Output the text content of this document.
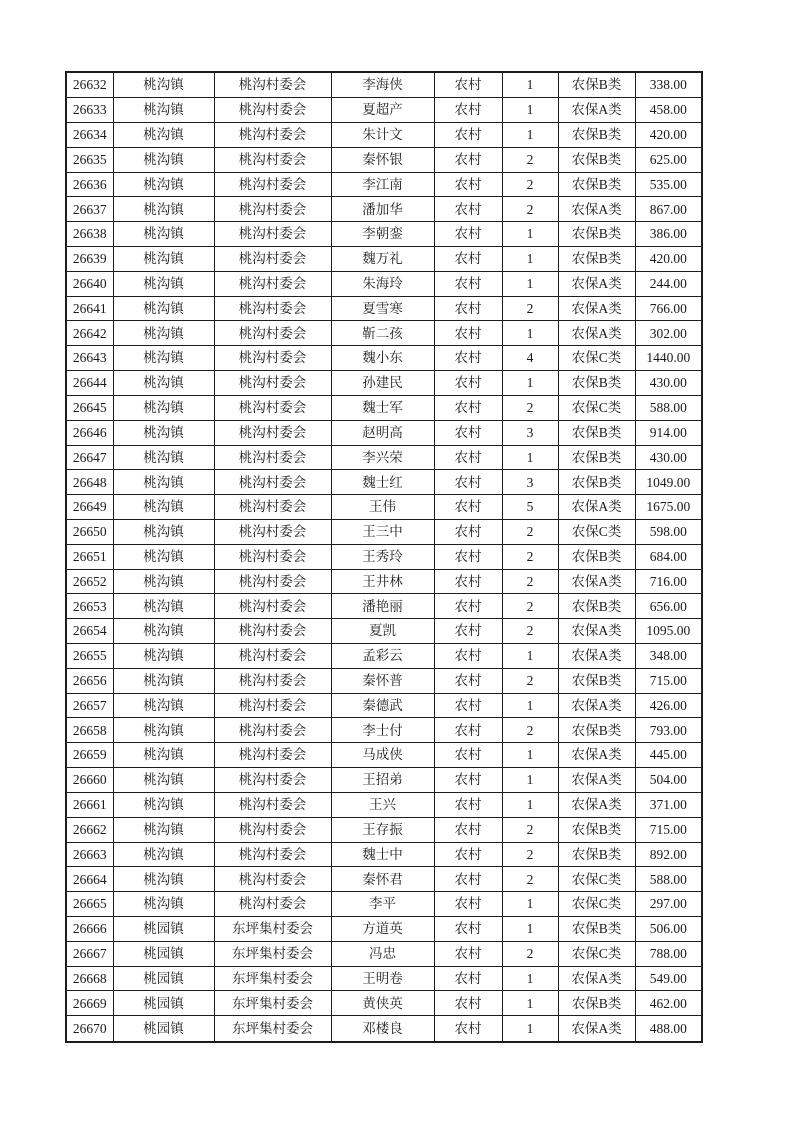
26632	桃沟镇	桃沟村委会	李海侠	农村	1	农保B类	338.00
26633	桃沟镇	桃沟村委会	夏超产	农村	1	农保A类	458.00
26634	桃沟镇	桃沟村委会	朱计文	农村	1	农保B类	420.00
26635	桃沟镇	桃沟村委会	秦怀银	农村	2	农保B类	625.00
26636	桃沟镇	桃沟村委会	李江南	农村	2	农保B类	535.00
26637	桃沟镇	桃沟村委会	潘加华	农村	2	农保A类	867.00
26638	桃沟镇	桃沟村委会	李朝銮	农村	1	农保B类	386.00
26639	桃沟镇	桃沟村委会	魏万礼	农村	1	农保B类	420.00
26640	桃沟镇	桃沟村委会	朱海玲	农村	1	农保A类	244.00
26641	桃沟镇	桃沟村委会	夏雪寒	农村	2	农保A类	766.00
26642	桃沟镇	桃沟村委会	靳二孩	农村	1	农保A类	302.00
26643	桃沟镇	桃沟村委会	魏小东	农村	4	农保C类	1440.00
26644	桃沟镇	桃沟村委会	孙建民	农村	1	农保B类	430.00
26645	桃沟镇	桃沟村委会	魏士军	农村	2	农保C类	588.00
26646	桃沟镇	桃沟村委会	赵明高	农村	3	农保B类	914.00
26647	桃沟镇	桃沟村委会	李兴荣	农村	1	农保B类	430.00
26648	桃沟镇	桃沟村委会	魏士红	农村	3	农保B类	1049.00
26649	桃沟镇	桃沟村委会	王伟	农村	5	农保A类	1675.00
26650	桃沟镇	桃沟村委会	王三中	农村	2	农保C类	598.00
26651	桃沟镇	桃沟村委会	王秀玲	农村	2	农保B类	684.00
26652	桃沟镇	桃沟村委会	王井林	农村	2	农保A类	716.00
26653	桃沟镇	桃沟村委会	潘艳丽	农村	2	农保B类	656.00
26654	桃沟镇	桃沟村委会	夏凯	农村	2	农保A类	1095.00
26655	桃沟镇	桃沟村委会	孟彩云	农村	1	农保A类	348.00
26656	桃沟镇	桃沟村委会	秦怀普	农村	2	农保B类	715.00
26657	桃沟镇	桃沟村委会	秦德武	农村	1	农保A类	426.00
26658	桃沟镇	桃沟村委会	李士付	农村	2	农保B类	793.00
26659	桃沟镇	桃沟村委会	马成侠	农村	1	农保A类	445.00
26660	桃沟镇	桃沟村委会	王招弟	农村	1	农保A类	504.00
26661	桃沟镇	桃沟村委会	王兴	农村	1	农保A类	371.00
26662	桃沟镇	桃沟村委会	王存振	农村	2	农保B类	715.00
26663	桃沟镇	桃沟村委会	魏士中	农村	2	农保B类	892.00
26664	桃沟镇	桃沟村委会	秦怀君	农村	2	农保C类	588.00
26665	桃沟镇	桃沟村委会	李平	农村	1	农保C类	297.00
26666	桃园镇	东坪集村委会	方道英	农村	1	农保B类	506.00
26667	桃园镇	东坪集村委会	冯忠	农村	2	农保C类	788.00
26668	桃园镇	东坪集村委会	王明卷	农村	1	农保A类	549.00
26669	桃园镇	东坪集村委会	黄侠英	农村	1	农保B类	462.00
26670	桃园镇	东坪集村委会	邓楼良	农村	1	农保A类	488.00
